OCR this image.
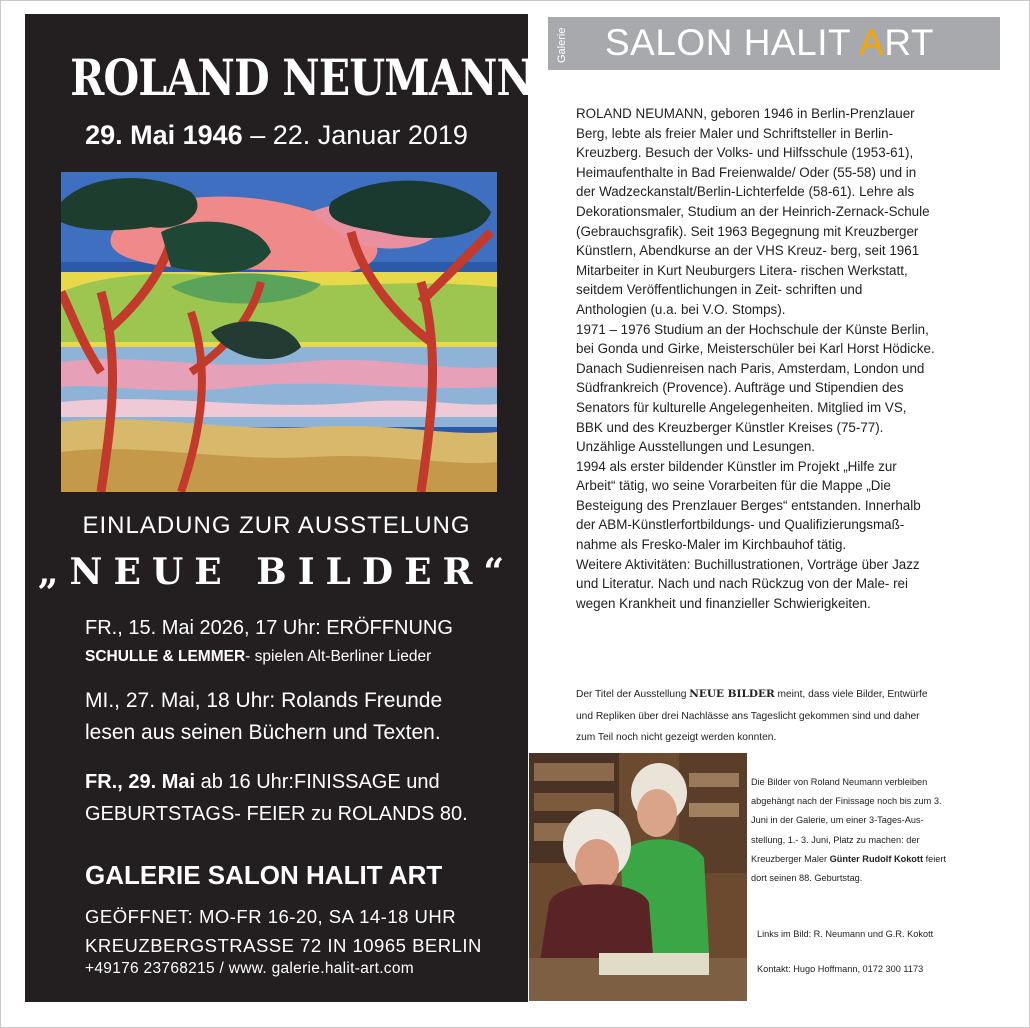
ROLAND NEUMANN
29. Mai 1946 – 22. Januar 2019
EINLADUNG ZUR AUSSTELUNG
„NEUE BILDER“
FR., 15. Mai 2026, 17 Uhr: ERÖFFNUNG
SCHULLE & LEMMER- spielen Alt-Berliner Lieder
MI., 27. Mai, 18 Uhr: Rolands Freunde
lesen aus seinen Büchern und Texten.
FR., 29. Mai ab 16 Uhr:FINISSAGE und
GEBURTSTAGS- FEIER zu ROLANDS 80.
GALERIE SALON HALIT ART
GEÖFFNET: MO-FR 16-20, SA 14-18 UHR
KREUZBERGSTRASSE 72 IN 10965 BERLIN
+49176 23768215 / www. galerie.halit-art.com
Galerie SALON HALIT ART

ROLAND NEUMANN, geboren 1946 in Berlin-Prenzlauer

Berg, lebte als freier Maler und Schriftsteller in Berlin-

Kreuzberg. Besuch der Volks- und Hilfsschule (1953-61),

Heimaufenthalte in Bad Freienwalde/ Oder (55-58) und in

der Wadzeckanstalt/Berlin-Lichterfelde (58-61). Lehre als

Dekorationsmaler, Studium an der Heinrich-Zernack-Schule

(Gebrauchsgrafik). Seit 1963 Begegnung mit Kreuzberger

Künstlern, Abendkurse an der VHS Kreuz- berg, seit 1961

Mitarbeiter in Kurt Neuburgers Litera- rischen Werkstatt,

seitdem Veröffentlichungen in Zeit- schriften und

Anthologien (u.a. bei V.O. Stomps).

1971 – 1976 Studium an der Hochschule der Künste Berlin,

bei Gonda und Girke, Meisterschüler bei Karl Horst Hödicke.

Danach Sudienreisen nach Paris, Amsterdam, London und

Südfrankreich (Provence). Aufträge und Stipendien des

Senators für kulturelle Angelegenheiten. Mitglied im VS,

BBK und des Kreuzberger Künstler Kreises (75-77).

Unzählige Ausstellungen und Lesungen.

1994 als erster bildender Künstler im Projekt „Hilfe zur

Arbeit“ tätig, wo seine Vorarbeiten für die Mappe „Die

Besteigung des Prenzlauer Berges“ entstanden. Innerhalb

der ABM-Künstlerfortbildungs- und Qualifizierungsmaß-

nahme als Fresko-Maler im Kirchbauhof tätig.

Weitere Aktivitäten: Buchillustrationen, Vorträge über Jazz

und Literatur. Nach und nach Rückzug von der Male- rei

wegen Krankheit und finanzieller Schwierigkeiten.

Der Titel der Ausstellung NEUE BILDER meint, dass viele Bilder, Entwürfe
und Repliken über drei Nachlässe ans Tageslicht gekommen sind und daher
zum Teil noch nicht gezeigt werden konnten.
Die Bilder von Roland Neumann verbleiben
abgehängt nach der Finissage noch bis zum 3.
Juni in der Galerie, um einer 3-Tages-Aus-
stellung, 1.- 3. Juni, Platz zu machen: der
Kreuzberger Maler Günter Rudolf Kokott feiert
dort seinen 88. Geburtstag.
Links im Bild: R. Neumann und G.R. Kokott
Kontakt: Hugo Hoffmann, 0172 300 1173
